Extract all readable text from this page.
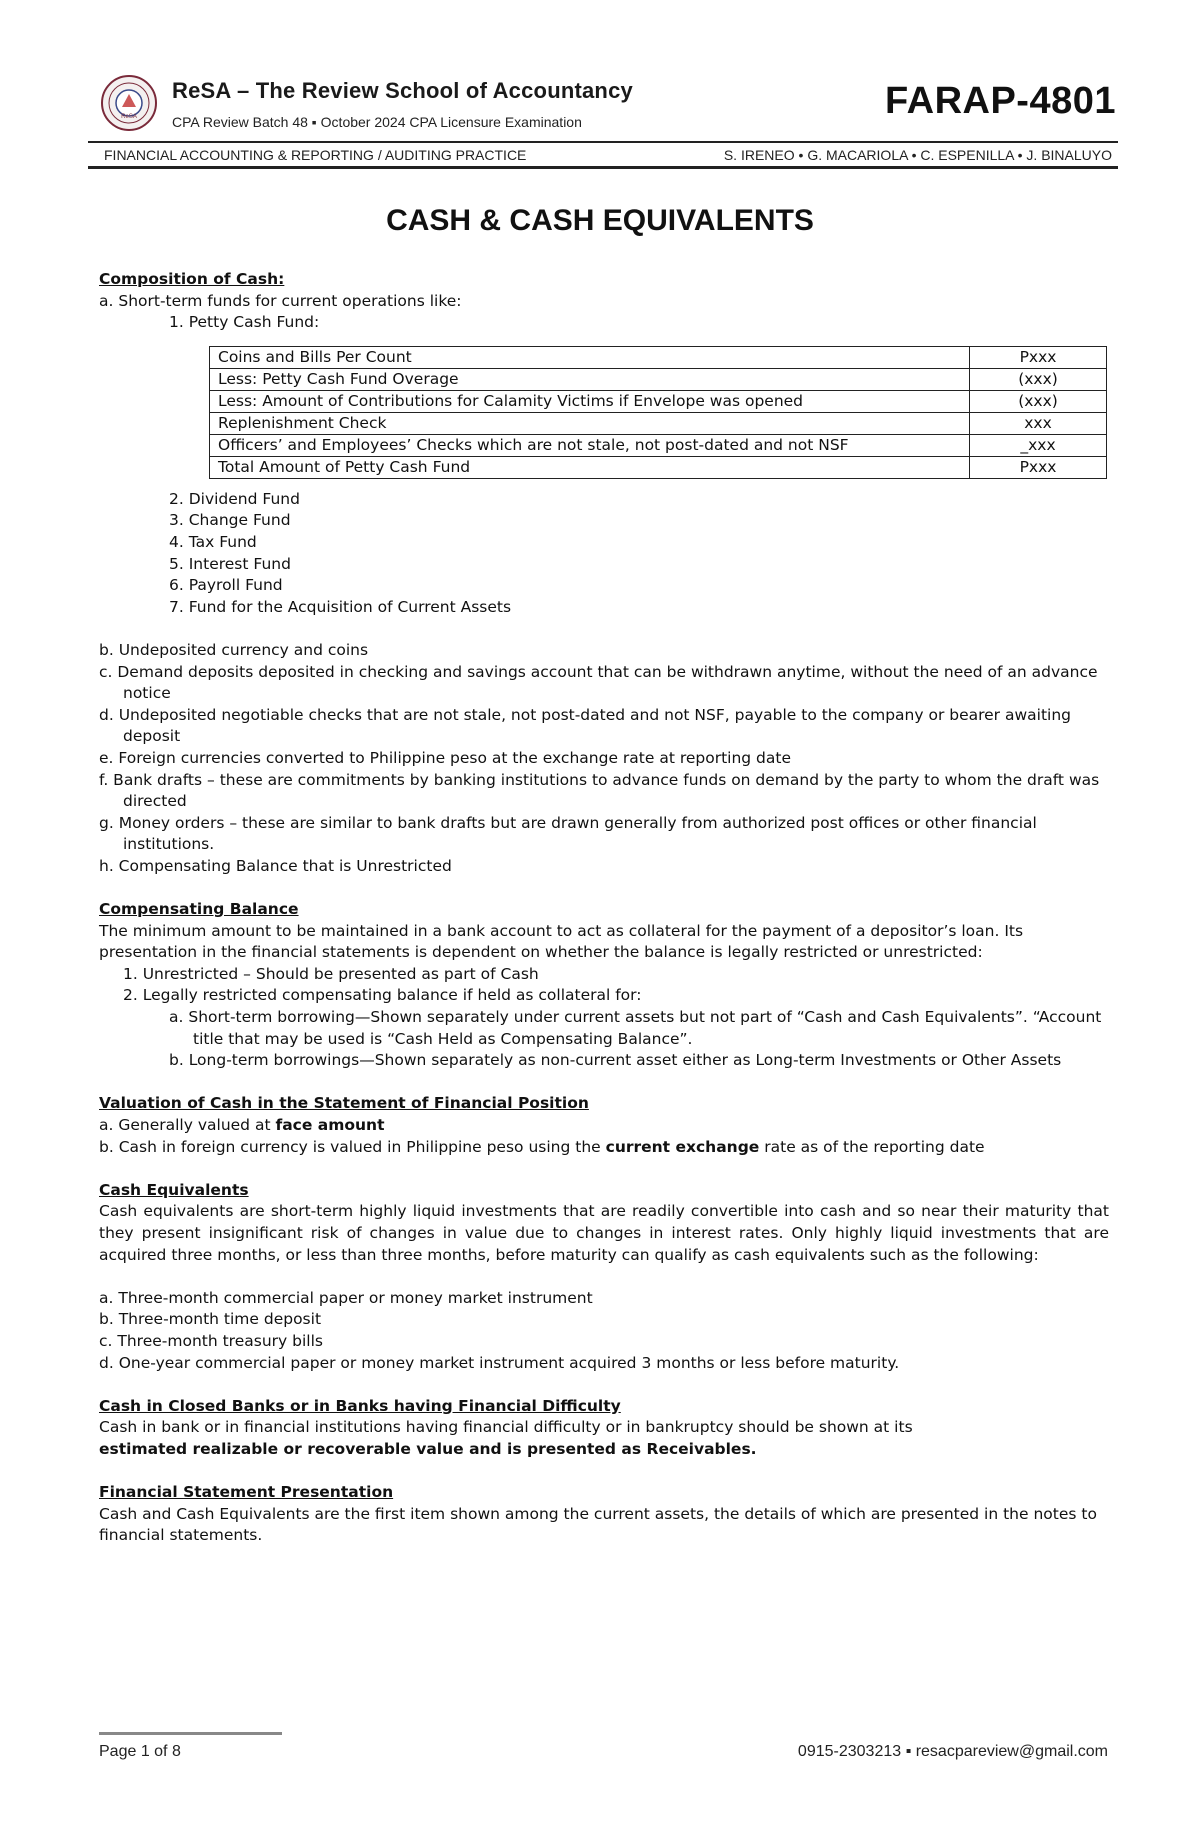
ReSA
ReSA – The Review School of Accountancy
CPA Review Batch 48 ▪ October 2024 CPA Licensure Examination	FARAP-4801
FINANCIAL ACCOUNTING & REPORTING / AUDITING PRACTICE	S. IRENEO • G. MACARIOLA • C. ESPENILLA • J. BINALUYO
CASH & CASH EQUIVALENTS

Composition of Cash:

a. Short-term funds for current operations like:

1. Petty Cash Fund:

Coins and Bills Per Count	Pxxx
Less: Petty Cash Fund Overage	(xxx)
Less: Amount of Contributions for Calamity Victims if Envelope was opened	(xxx)
Replenishment Check	xxx
Officers’ and Employees’ Checks which are not stale, not post-dated and not NSF	_xxx
Total Amount of Petty Cash Fund	Pxxx

2. Dividend Fund

3. Change Fund

4. Tax Fund

5. Interest Fund

6. Payroll Fund

7. Fund for the Acquisition of Current Assets

b. Undeposited currency and coins

c. Demand deposits deposited in checking and savings account that can be withdrawn anytime, without the need of an advance notice

d. Undeposited negotiable checks that are not stale, not post-dated and not NSF, payable to the company or bearer awaiting deposit

e. Foreign currencies converted to Philippine peso at the exchange rate at reporting date

f. Bank drafts – these are commitments by banking institutions to advance funds on demand by the party to whom the draft was directed

g. Money orders – these are similar to bank drafts but are drawn generally from authorized post offices or other financial institutions.

h. Compensating Balance that is Unrestricted

Compensating Balance

The minimum amount to be maintained in a bank account to act as collateral for the payment of a depositor’s loan. Its presentation in the financial statements is dependent on whether the balance is legally restricted or unrestricted:

1. Unrestricted – Should be presented as part of Cash

2. Legally restricted compensating balance if held as collateral for:

a. Short-term borrowing—Shown separately under current assets but not part of “Cash and Cash Equivalents”. “Account title that may be used is “Cash Held as Compensating Balance”.

b. Long-term borrowings—Shown separately as non-current asset either as Long-term Investments or Other Assets

Valuation of Cash in the Statement of Financial Position

a. Generally valued at face amount

b. Cash in foreign currency is valued in Philippine peso using the current exchange rate as of the reporting date

Cash Equivalents

Cash equivalents are short-term highly liquid investments that are readily convertible into cash and so near their maturity that they present insignificant risk of changes in value due to changes in interest rates. Only highly liquid investments that are acquired three months, or less than three months, before maturity can qualify as cash equivalents such as the following:

a. Three-month commercial paper or money market instrument

b. Three-month time deposit

c. Three-month treasury bills

d. One-year commercial paper or money market instrument acquired 3 months or less before maturity.

Cash in Closed Banks or in Banks having Financial Difficulty

Cash in bank or in financial institutions having financial difficulty or in bankruptcy should be shown at its

estimated realizable or recoverable value and is presented as Receivables.

Financial Statement Presentation

Cash and Cash Equivalents are the first item shown among the current assets, the details of which are presented in the notes to financial statements.

Page 1 of 8	0915-2303213 ▪ resacpareview@gmail.com
